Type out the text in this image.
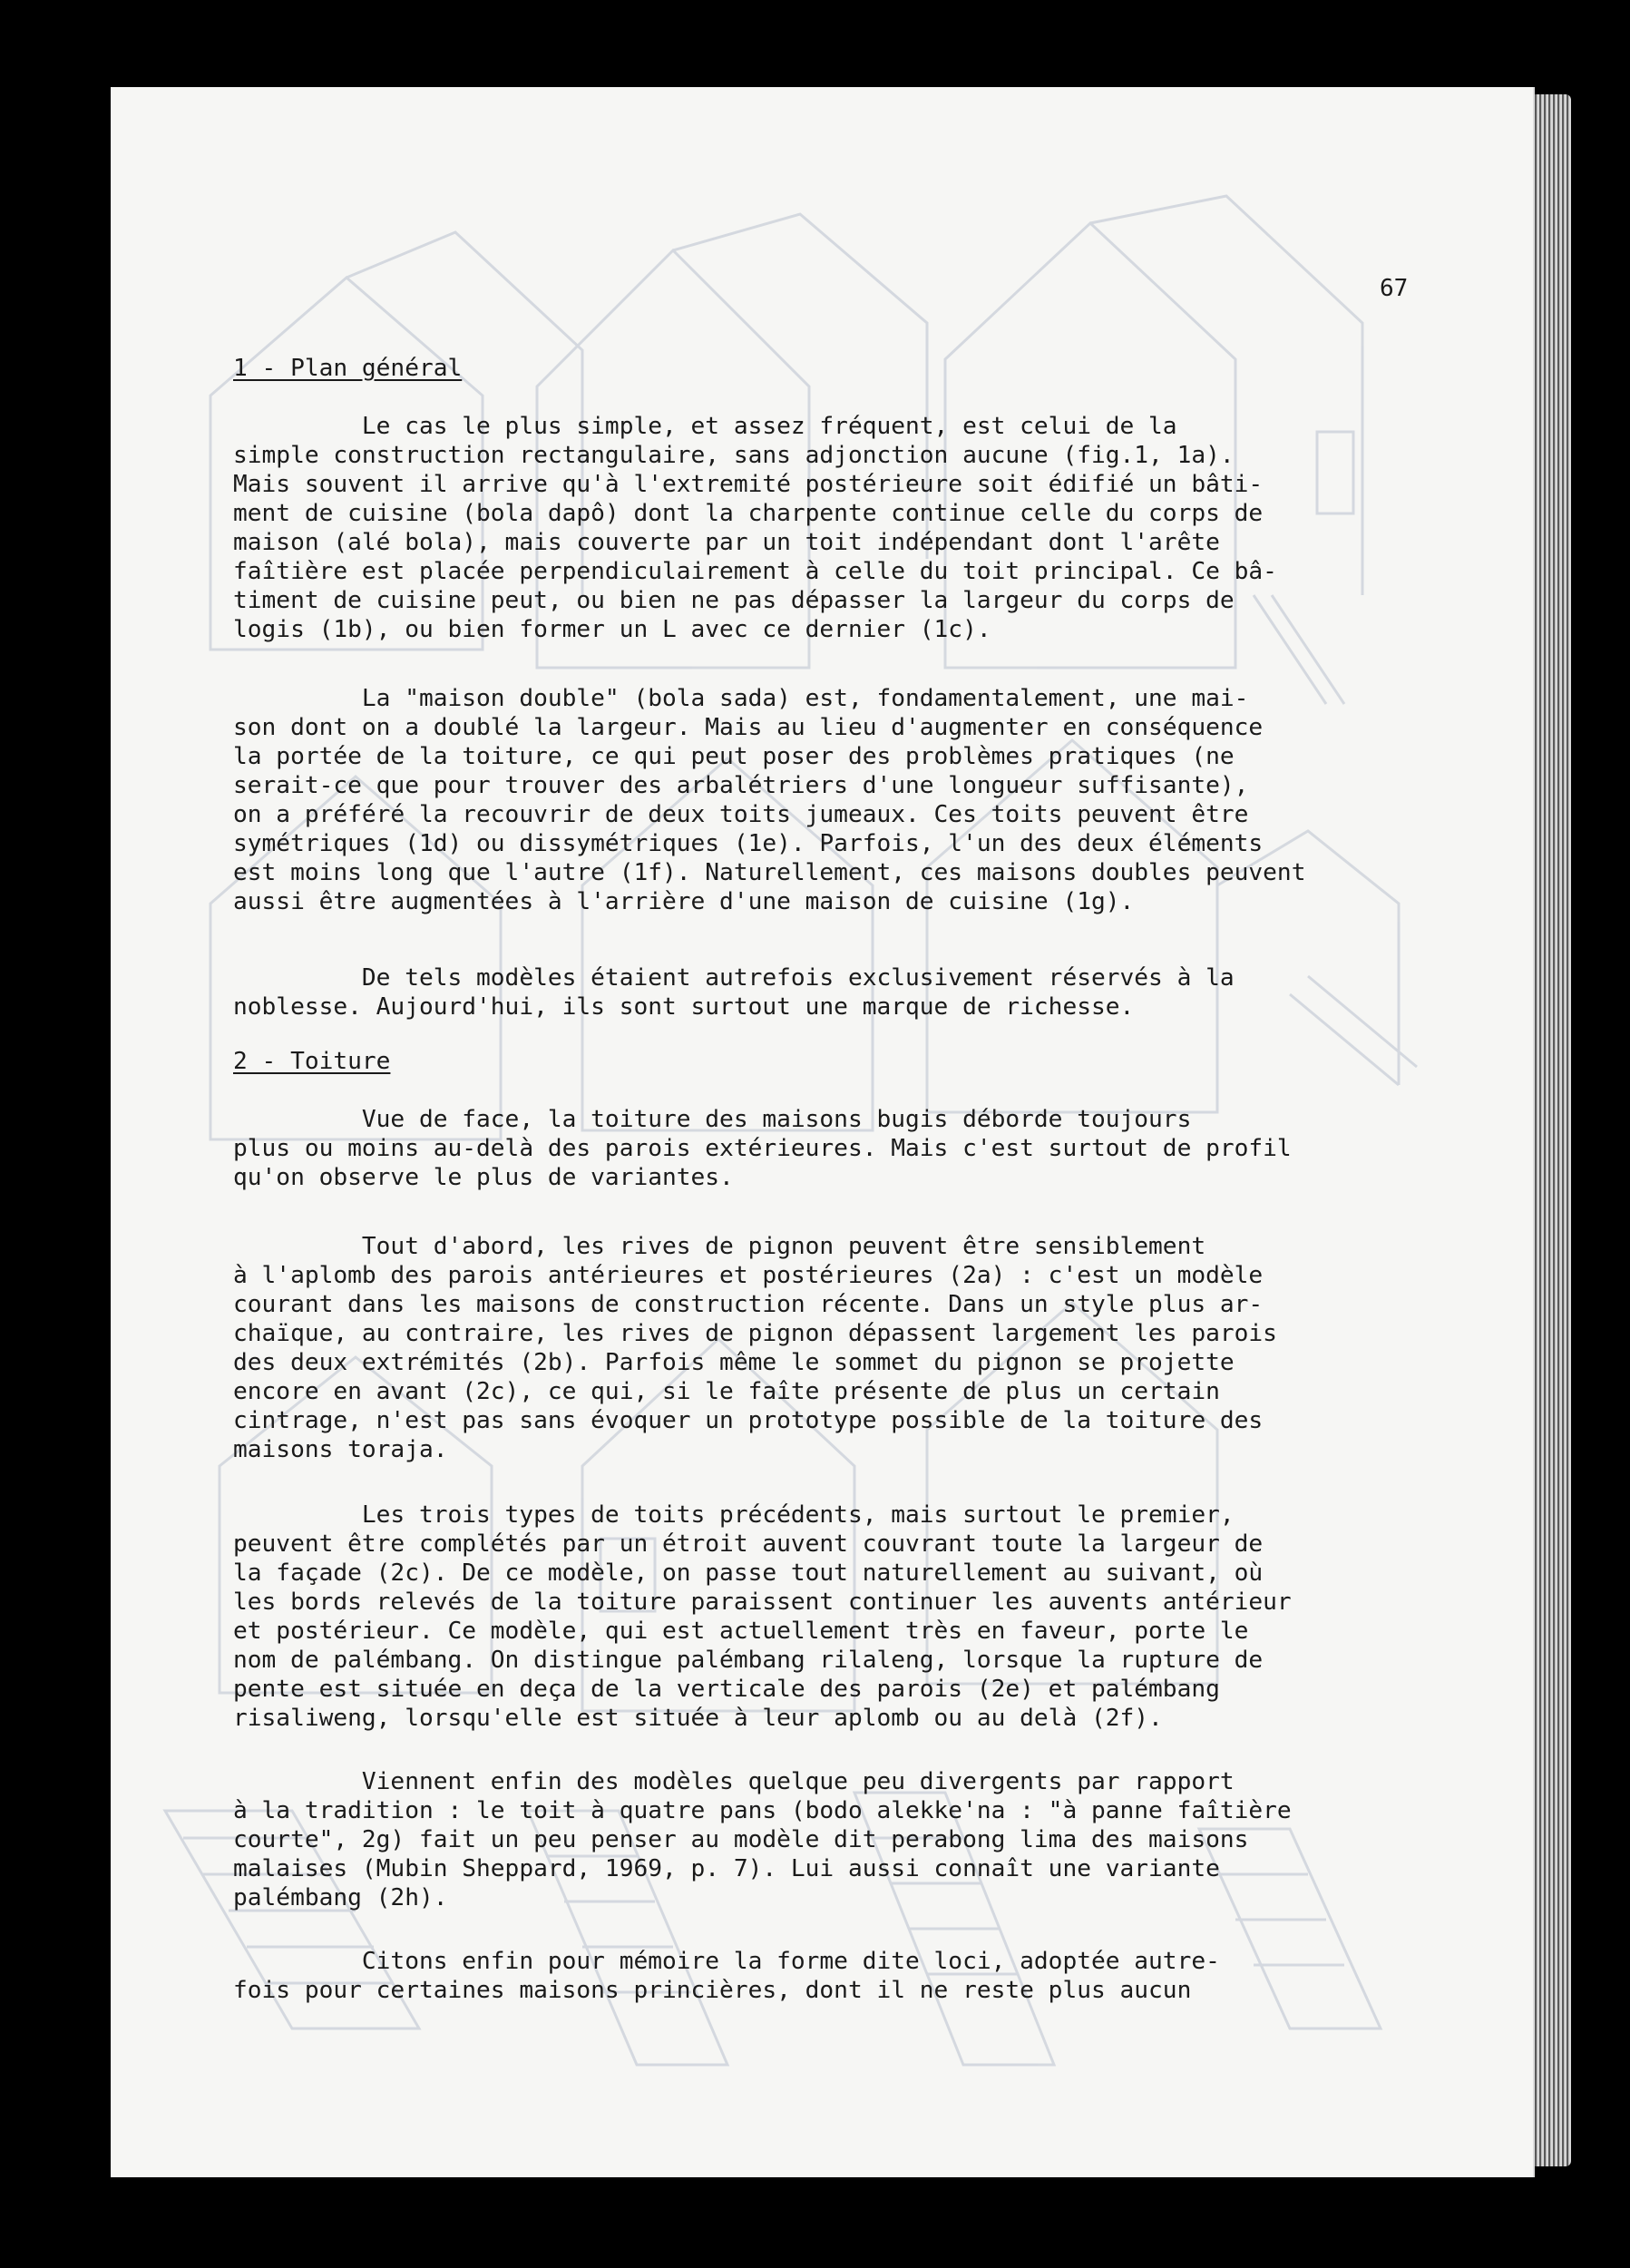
67
1 - Plan général
Le cas le plus simple, et assez fréquent, est celui de la
simple construction rectangulaire, sans adjonction aucune (fig.1, 1a).
Mais souvent il arrive qu'à l'extremité postérieure soit édifié un bâti-
ment de cuisine (bola dapô) dont la charpente continue celle du corps de
maison (alé bola), mais couverte par un toit indépendant dont l'arête
faîtière est placée perpendiculairement à celle du toit principal. Ce bâ-
timent de cuisine peut, ou bien ne pas dépasser la largeur du corps de
logis (1b), ou bien former un L avec ce dernier (1c).
La "maison double" (bola sada) est, fondamentalement, une mai-
son dont on a doublé la largeur. Mais au lieu d'augmenter en conséquence
la portée de la toiture, ce qui peut poser des problèmes pratiques (ne
serait-ce que pour trouver des arbalétriers d'une longueur suffisante),
on a préféré la recouvrir de deux toits jumeaux. Ces toits peuvent être
symétriques (1d) ou dissymétriques (1e). Parfois, l'un des deux éléments
est moins long que l'autre (1f). Naturellement, ces maisons doubles peuvent
aussi être augmentées à l'arrière d'une maison de cuisine (1g).
De tels modèles étaient autrefois exclusivement réservés à la
noblesse. Aujourd'hui, ils sont surtout une marque de richesse.
2 - Toiture
Vue de face, la toiture des maisons bugis déborde toujours
plus ou moins au-delà des parois extérieures. Mais c'est surtout de profil
qu'on observe le plus de variantes.
Tout d'abord, les rives de pignon peuvent être sensiblement
à l'aplomb des parois antérieures et postérieures (2a) : c'est un modèle
courant dans les maisons de construction récente. Dans un style plus ar-
chaïque, au contraire, les rives de pignon dépassent largement les parois
des deux extrémités (2b). Parfois même le sommet du pignon se projette
encore en avant (2c), ce qui, si le faîte présente de plus un certain
cintrage, n'est pas sans évoquer un prototype possible de la toiture des
maisons toraja.
Les trois types de toits précédents, mais surtout le premier,
peuvent être complétés par un étroit auvent couvrant toute la largeur de
la façade (2c). De ce modèle, on passe tout naturellement au suivant, où
les bords relevés de la toiture paraissent continuer les auvents antérieur
et postérieur. Ce modèle, qui est actuellement très en faveur, porte le
nom de palémbang. On distingue palémbang rilaleng, lorsque la rupture de
pente est située en deça de la verticale des parois (2e) et palémbang
risaliweng, lorsqu'elle est située à leur aplomb ou au delà (2f).
Viennent enfin des modèles quelque peu divergents par rapport
à la tradition : le toit à quatre pans (bodo alekke'na : "à panne faîtière
courte", 2g) fait un peu penser au modèle dit perabong lima des maisons
malaises (Mubin Sheppard, 1969, p. 7). Lui aussi connaît une variante
palémbang (2h).
Citons enfin pour mémoire la forme dite loci, adoptée autre-
fois pour certaines maisons princières, dont il ne reste plus aucun
